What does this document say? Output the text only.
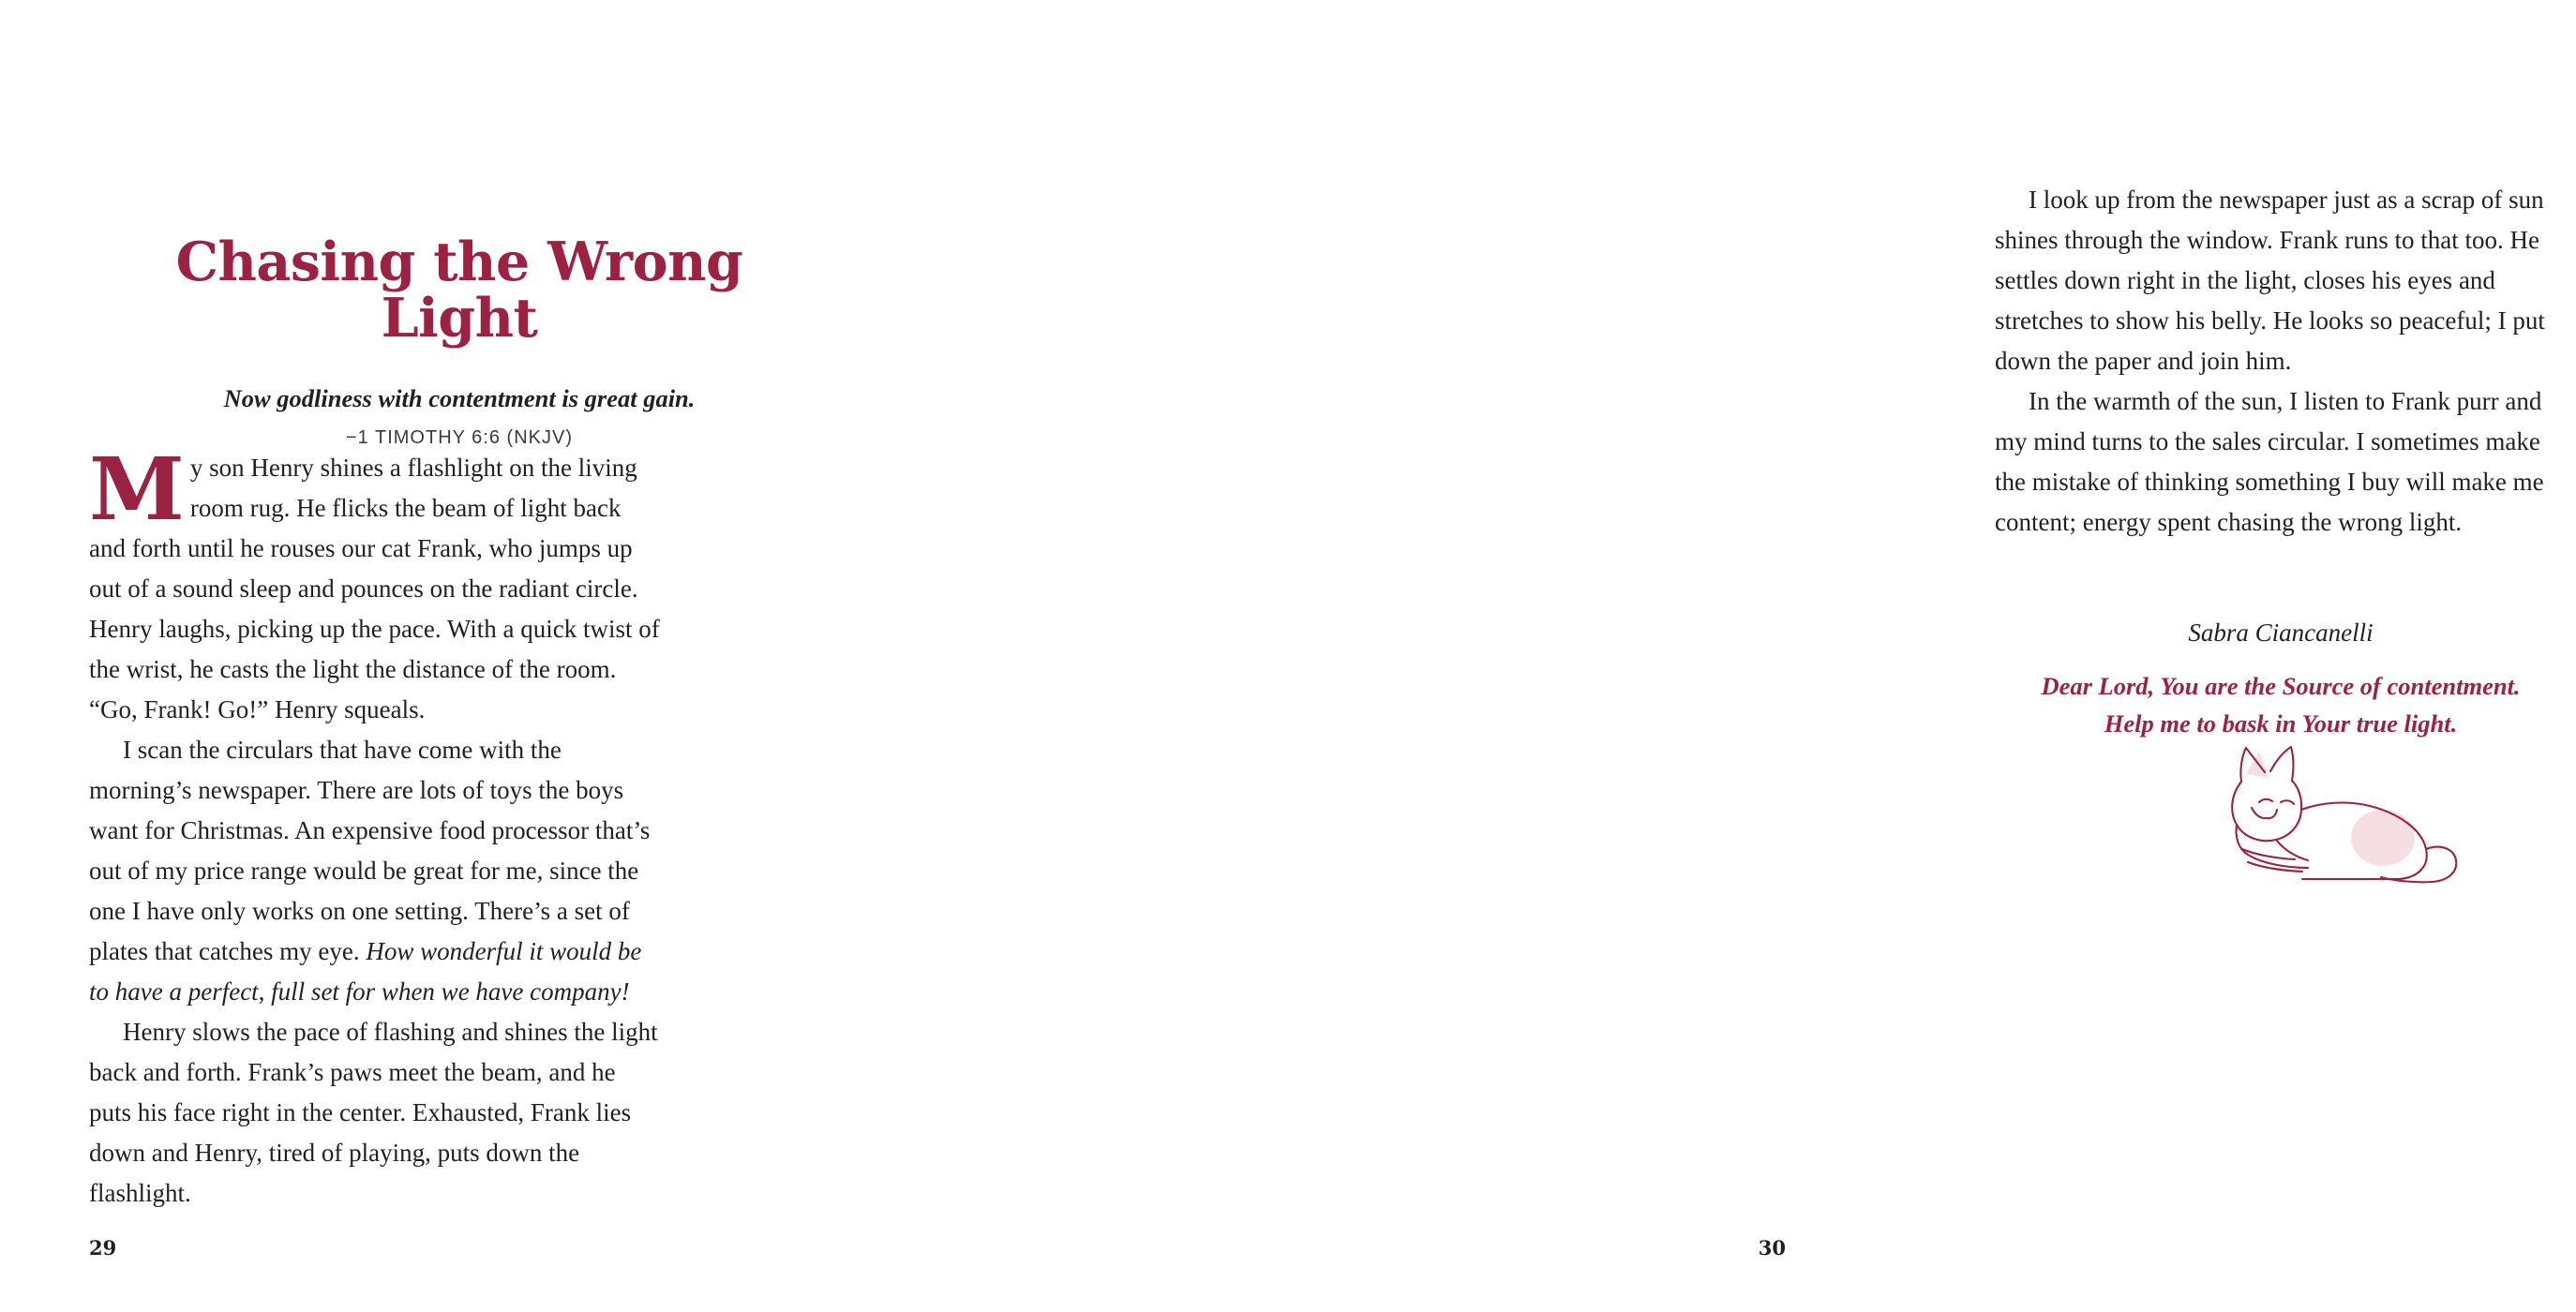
Chasing the Wrong Light
Now godliness with contentment is great gain.
−1 TIMOTHY 6:6 (NKJV)

My son Henry shines a flashlight on the living room rug. He flicks the beam of light back and forth until he rouses our cat Frank, who jumps up out of a sound sleep and pounces on the radiant circle. Henry laughs, picking up the pace. With a quick twist of the wrist, he casts the light the distance of the room. “Go, Frank! Go!” Henry squeals.

I scan the circulars that have come with the morning’s newspaper. There are lots of toys the boys want for Christmas. An expensive food processor that’s out of my price range would be great for me, since the one I have only works on one setting. There’s a set of plates that catches my eye. How wonderful it would be to have a perfect, full set for when we have company!

Henry slows the pace of flashing and shines the light back and forth. Frank’s paws meet the beam, and he puts his face right in the center. Exhausted, Frank lies down and Henry, tired of playing, puts down the flashlight.

29

I look up from the newspaper just as a scrap of sun shines through the window. Frank runs to that too. He settles down right in the light, closes his eyes and stretches to show his belly. He looks so peaceful; I put down the paper and join him.

In the warmth of the sun, I listen to Frank purr and my mind turns to the sales circular. I sometimes make the mistake of thinking something I buy will make me content; energy spent chasing the wrong light.

Sabra Ciancanelli
Dear Lord, You are the Source of contentment.
Help me to bask in Your true light.
30
